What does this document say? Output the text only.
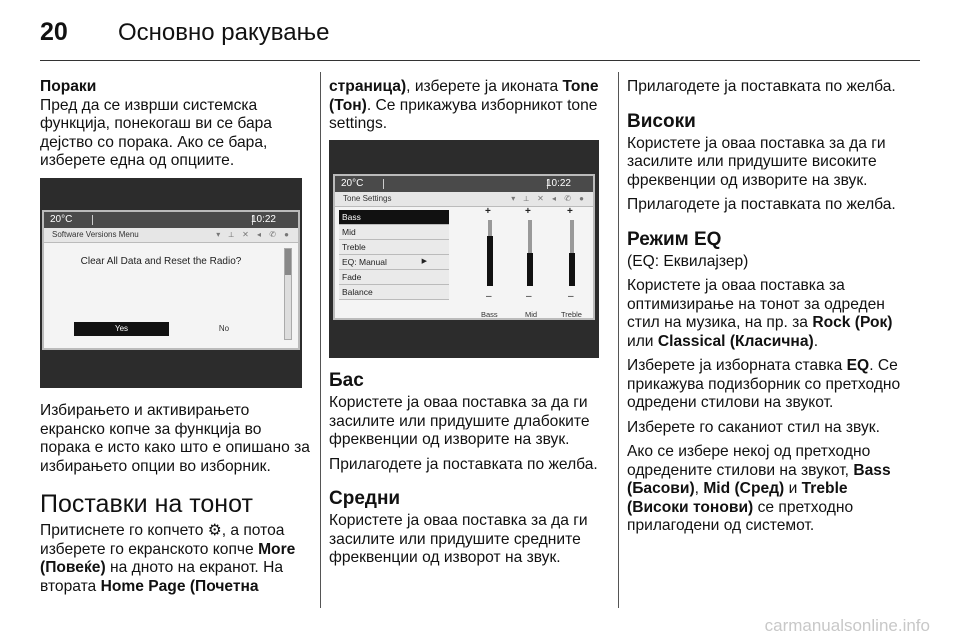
20 Основно ракување
Пораки

Пред да се изврши системска функција, понекогаш ви се бара дејство со порака. Ако се бара, изберете една од опциите.

20°C	10:22
Software Versions Menu	▾ ⟂ ✕ ◂ ✆ ●
Clear All Data and Reset the Radio?
Yes	No

Избирањето и активирањето екранско копче за функција во порака е исто како што е опишано за избирањето опции во изборник.

Поставки на тонот

Притиснете го копчето ⚙, а потоа изберете го екранското копче More (Повеќе) на дното на екранот. На втората Home Page (Почетна

страница), изберете ја иконата Tone (Тон). Се прикажува изборникот tone settings.

20°C	10:22
Tone Settings	▾ ⟂ ✕ ◂ ✆ ●
Bass
Mid
Treble
EQ: Manual	▶
Fade
Balance
+
–
+
–
+
–
Bass	Mid	Treble
Бас

Користете ја оваа поставка за да ги засилите или придушите длабоките фреквенции од изворите на звук.

Прилагодете ја поставката по желба.

Средни

Користете ја оваа поставка за да ги засилите или придушите средните фреквенции од изворот на звук.

Прилагодете ја поставката по желба.

Високи

Користете ја оваа поставка за да ги засилите или придушите високите фреквенции од изворите на звук.

Прилагодете ја поставката по желба.

Режим EQ

(EQ: Еквилајзер)

Користете ја оваа поставка за оптимизирање на тонот за одреден стил на музика, на пр. за Rock (Рок) или Classical (Класична).

Изберете ја изборната ставка EQ. Се прикажува подизборник со претходно одредени стилови на звукот.

Изберете го саканиот стил на звук.

Ако се избере некој од претходно одредените стилови на звукот, Bass (Басови), Mid (Сред) и Treble (Високи тонови) се претходно прилагодени од системот.

carmanualsonline.info
